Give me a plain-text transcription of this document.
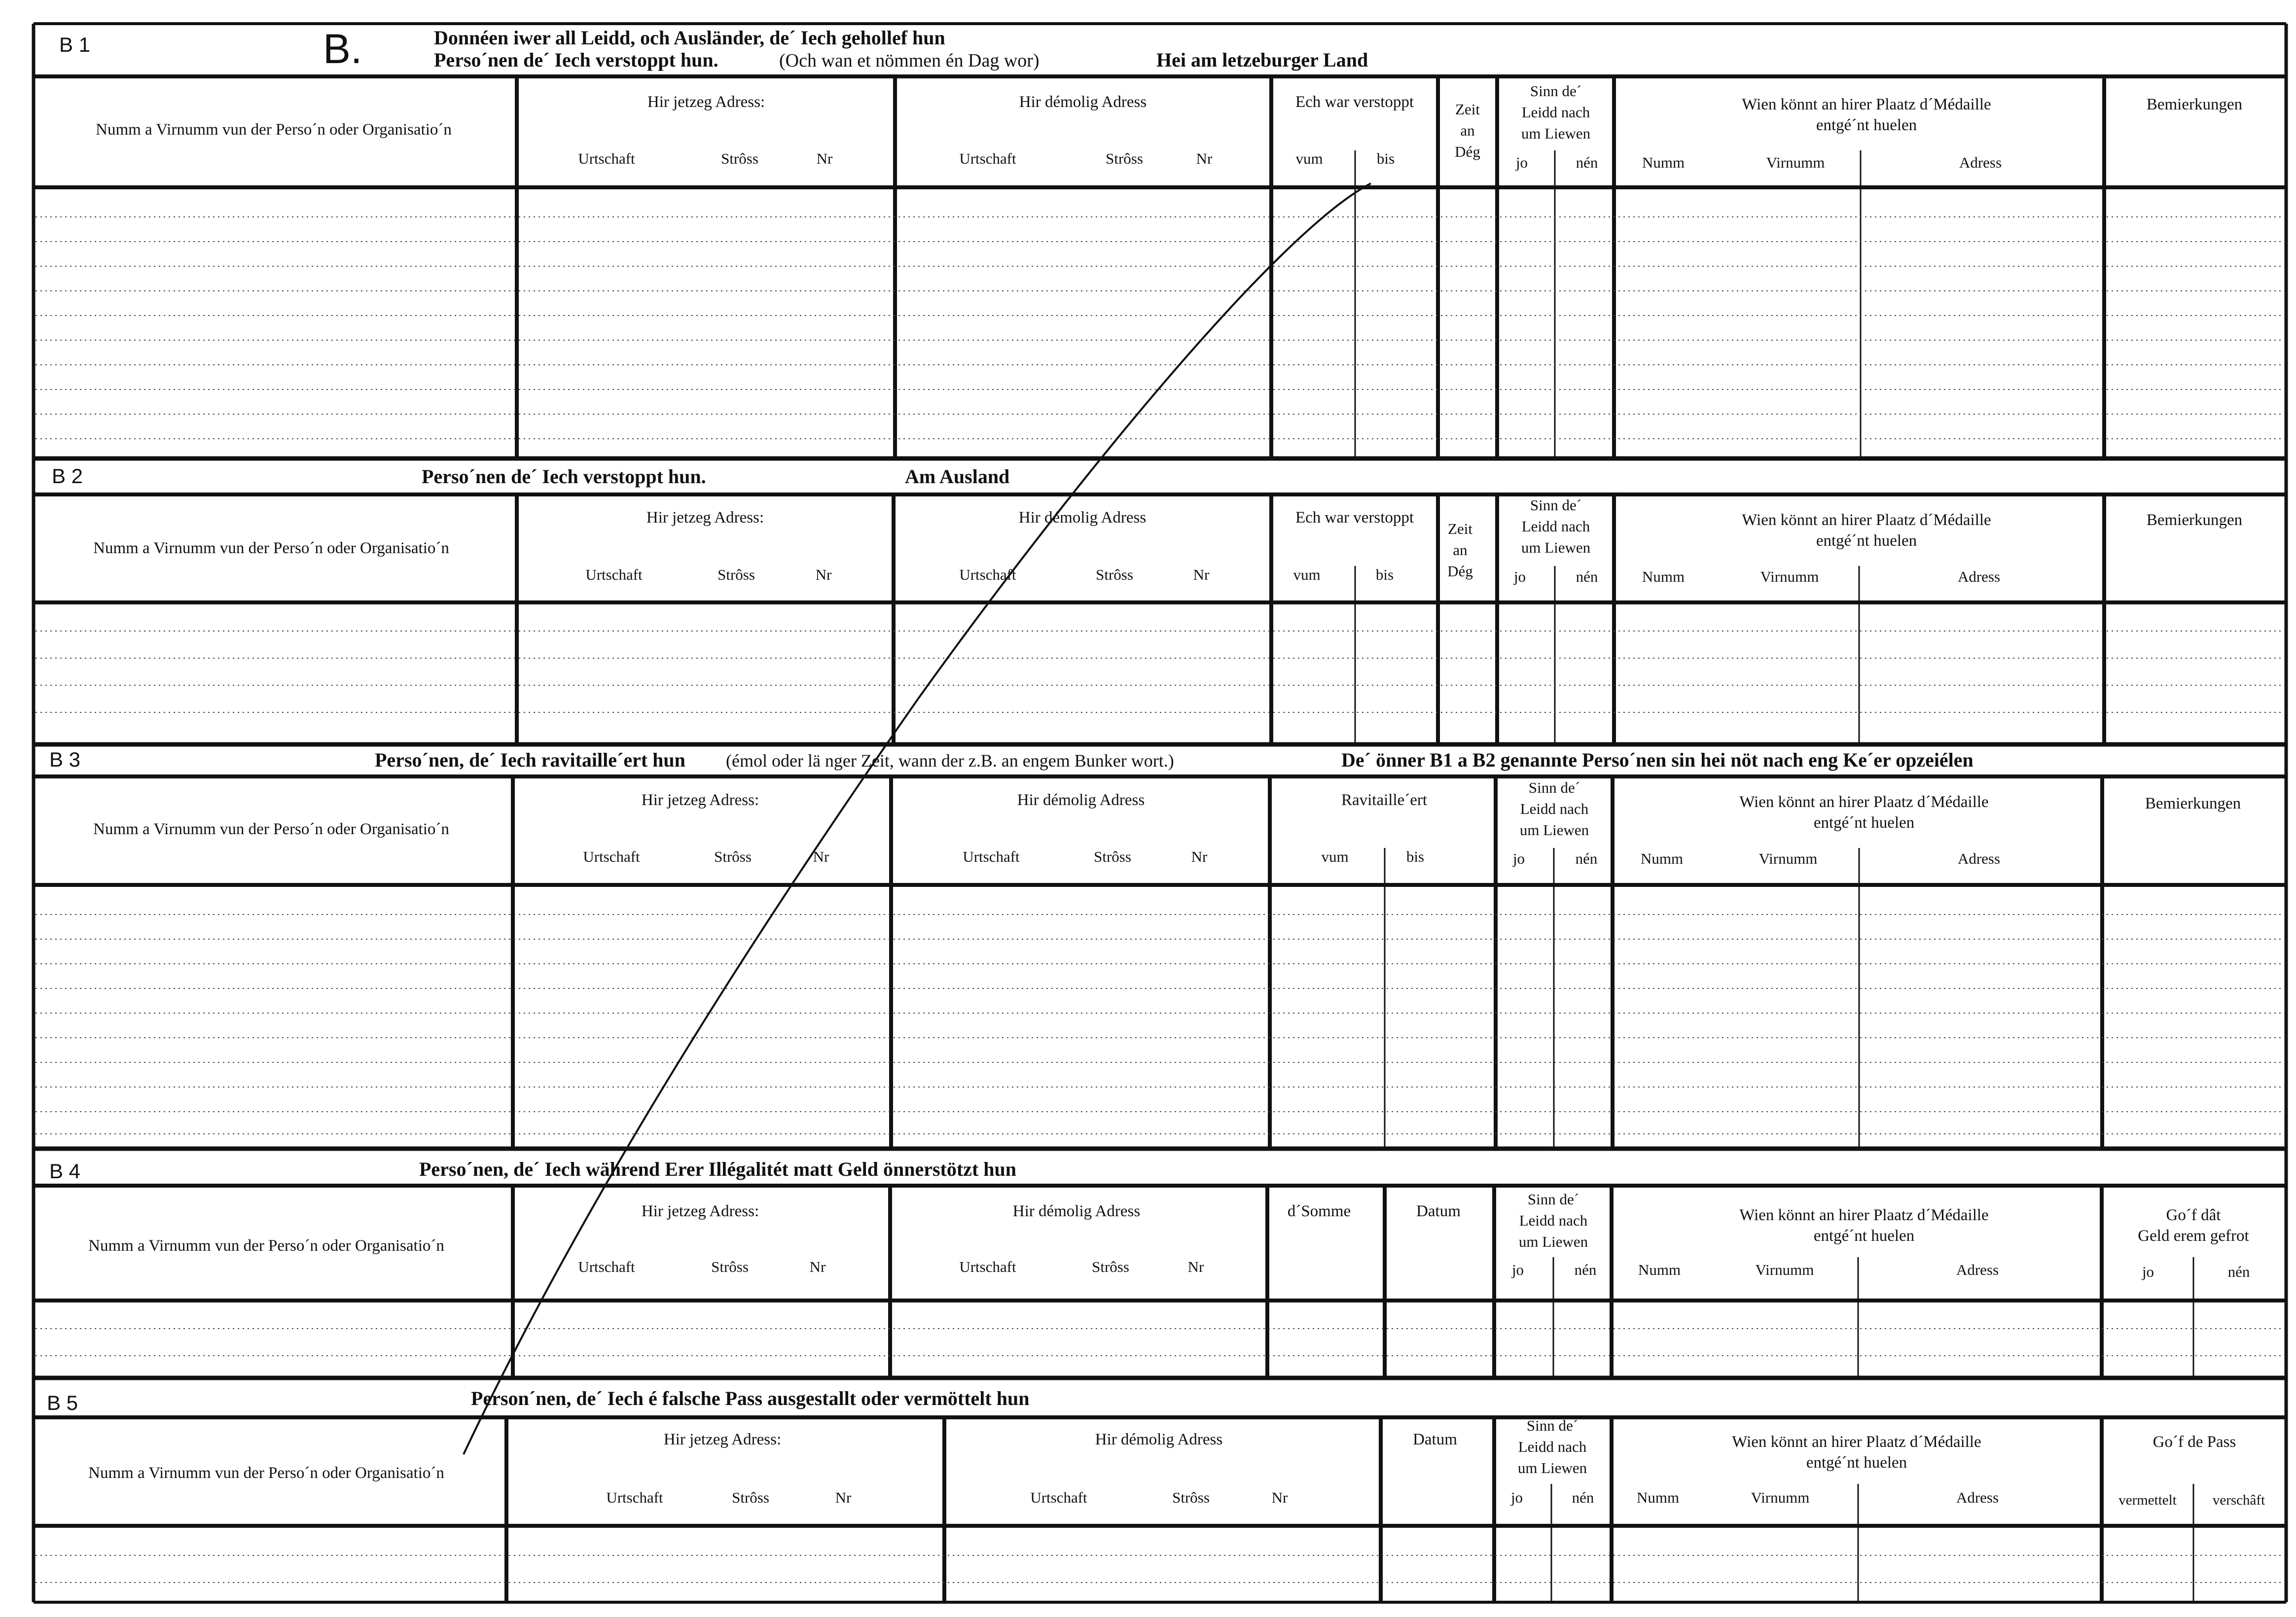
B 1	B.	Donnéen iwer all Leidd, och Ausländer, de´ Iech gehollef hun
Perso´nen de´ Iech verstoppt hun.	(Och wan et nömmen én Dag wor)	Hei am letzeburger Land
Numm a Virnumm vun der Perso´n oder Organisatio´n
Hir jetzeg Adress:
Urtschaft	Strôss	Nr
Hir démolig Adress
Urtschaft	Strôss	Nr
Ech war verstoppt
vum	bis
Zeit
an
Dég
Sinn de´
Leidd nach
um Liewen
jo	nén
Wien könnt an hirer Plaatz d´Médaille
entgé´nt huelen
Numm	Virnumm	Adress
Bemierkungen
B 2	Perso´nen de´ Iech verstoppt hun.	Am Ausland
Numm a Virnumm vun der Perso´n oder Organisatio´n
Hir jetzeg Adress:
Urtschaft	Strôss	Nr
Hir démolig Adress
Urtschaft	Strôss	Nr
Ech war verstoppt
vum	bis
Zeit
an
Dég
Sinn de´
Leidd nach
um Liewen
jo	nén
Wien könnt an hirer Plaatz d´Médaille
entgé´nt huelen
Numm	Virnumm	Adress
Bemierkungen
B 3	Perso´nen, de´ Iech ravitaille´ert hun (émol oder lä nger Zeit, wann der z.B. an engem Bunker wort.)	De´ önner B1 a B2 genannte Perso´nen sin hei nöt nach eng Ke´er opzeiélen
Numm a Virnumm vun der Perso´n oder Organisatio´n
Hir jetzeg Adress:
Urtschaft	Strôss	Nr
Hir démolig Adress
Urtschaft	Strôss	Nr
Ravitaille´ert
vum	bis
Sinn de´
Leidd nach
um Liewen
jo	nén
Wien könnt an hirer Plaatz d´Médaille
entgé´nt huelen
Numm	Virnumm	Adress
Bemierkungen
B 4	Perso´nen, de´ Iech während Erer Illégalitét matt Geld önnerstötzt hun
Numm a Virnumm vun der Perso´n oder Organisatio´n
Hir jetzeg Adress:
Urtschaft	Strôss	Nr
Hir démolig Adress
Urtschaft	Strôss	Nr
d´Somme	Datum
Sinn de´
Leidd nach
um Liewen
jo	nén
Wien könnt an hirer Plaatz d´Médaille
entgé´nt huelen
Numm	Virnumm	Adress
Go´f dât
Geld erem gefrot
jo	nén
B 5	Person´nen, de´ Iech é falsche Pass ausgestallt oder vermöttelt hun
Numm a Virnumm vun der Perso´n oder Organisatio´n
Hir jetzeg Adress:
Urtschaft	Strôss	Nr
Hir démolig Adress
Urtschaft	Strôss	Nr
Datum
Sinn de´
Leidd nach
um Liewen
jo	nén
Wien könnt an hirer Plaatz d´Médaille
entgé´nt huelen
Numm	Virnumm	Adress
Go´f de Pass
vermettelt	verschâft
